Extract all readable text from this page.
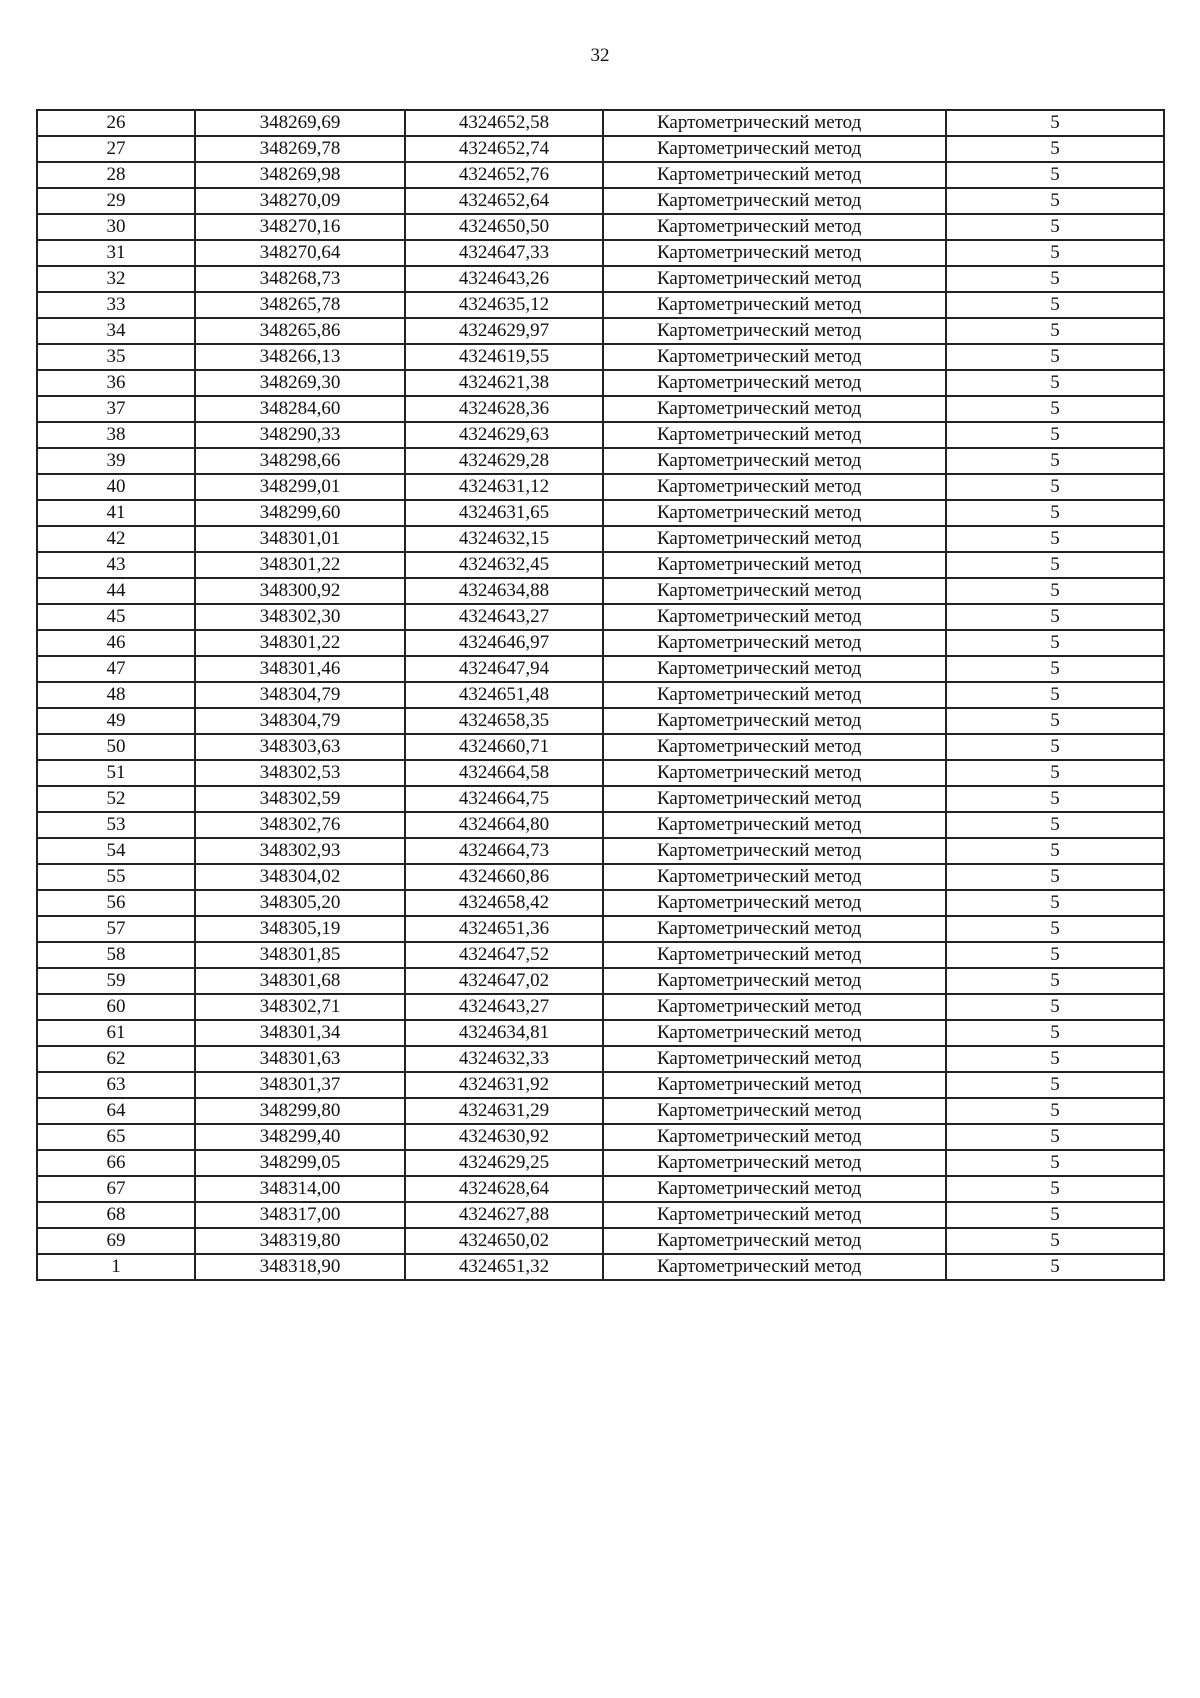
32
26	348269,69	4324652,58	Картометрический метод	5
27	348269,78	4324652,74	Картометрический метод	5
28	348269,98	4324652,76	Картометрический метод	5
29	348270,09	4324652,64	Картометрический метод	5
30	348270,16	4324650,50	Картометрический метод	5
31	348270,64	4324647,33	Картометрический метод	5
32	348268,73	4324643,26	Картометрический метод	5
33	348265,78	4324635,12	Картометрический метод	5
34	348265,86	4324629,97	Картометрический метод	5
35	348266,13	4324619,55	Картометрический метод	5
36	348269,30	4324621,38	Картометрический метод	5
37	348284,60	4324628,36	Картометрический метод	5
38	348290,33	4324629,63	Картометрический метод	5
39	348298,66	4324629,28	Картометрический метод	5
40	348299,01	4324631,12	Картометрический метод	5
41	348299,60	4324631,65	Картометрический метод	5
42	348301,01	4324632,15	Картометрический метод	5
43	348301,22	4324632,45	Картометрический метод	5
44	348300,92	4324634,88	Картометрический метод	5
45	348302,30	4324643,27	Картометрический метод	5
46	348301,22	4324646,97	Картометрический метод	5
47	348301,46	4324647,94	Картометрический метод	5
48	348304,79	4324651,48	Картометрический метод	5
49	348304,79	4324658,35	Картометрический метод	5
50	348303,63	4324660,71	Картометрический метод	5
51	348302,53	4324664,58	Картометрический метод	5
52	348302,59	4324664,75	Картометрический метод	5
53	348302,76	4324664,80	Картометрический метод	5
54	348302,93	4324664,73	Картометрический метод	5
55	348304,02	4324660,86	Картометрический метод	5
56	348305,20	4324658,42	Картометрический метод	5
57	348305,19	4324651,36	Картометрический метод	5
58	348301,85	4324647,52	Картометрический метод	5
59	348301,68	4324647,02	Картометрический метод	5
60	348302,71	4324643,27	Картометрический метод	5
61	348301,34	4324634,81	Картометрический метод	5
62	348301,63	4324632,33	Картометрический метод	5
63	348301,37	4324631,92	Картометрический метод	5
64	348299,80	4324631,29	Картометрический метод	5
65	348299,40	4324630,92	Картометрический метод	5
66	348299,05	4324629,25	Картометрический метод	5
67	348314,00	4324628,64	Картометрический метод	5
68	348317,00	4324627,88	Картометрический метод	5
69	348319,80	4324650,02	Картометрический метод	5
1	348318,90	4324651,32	Картометрический метод	5
